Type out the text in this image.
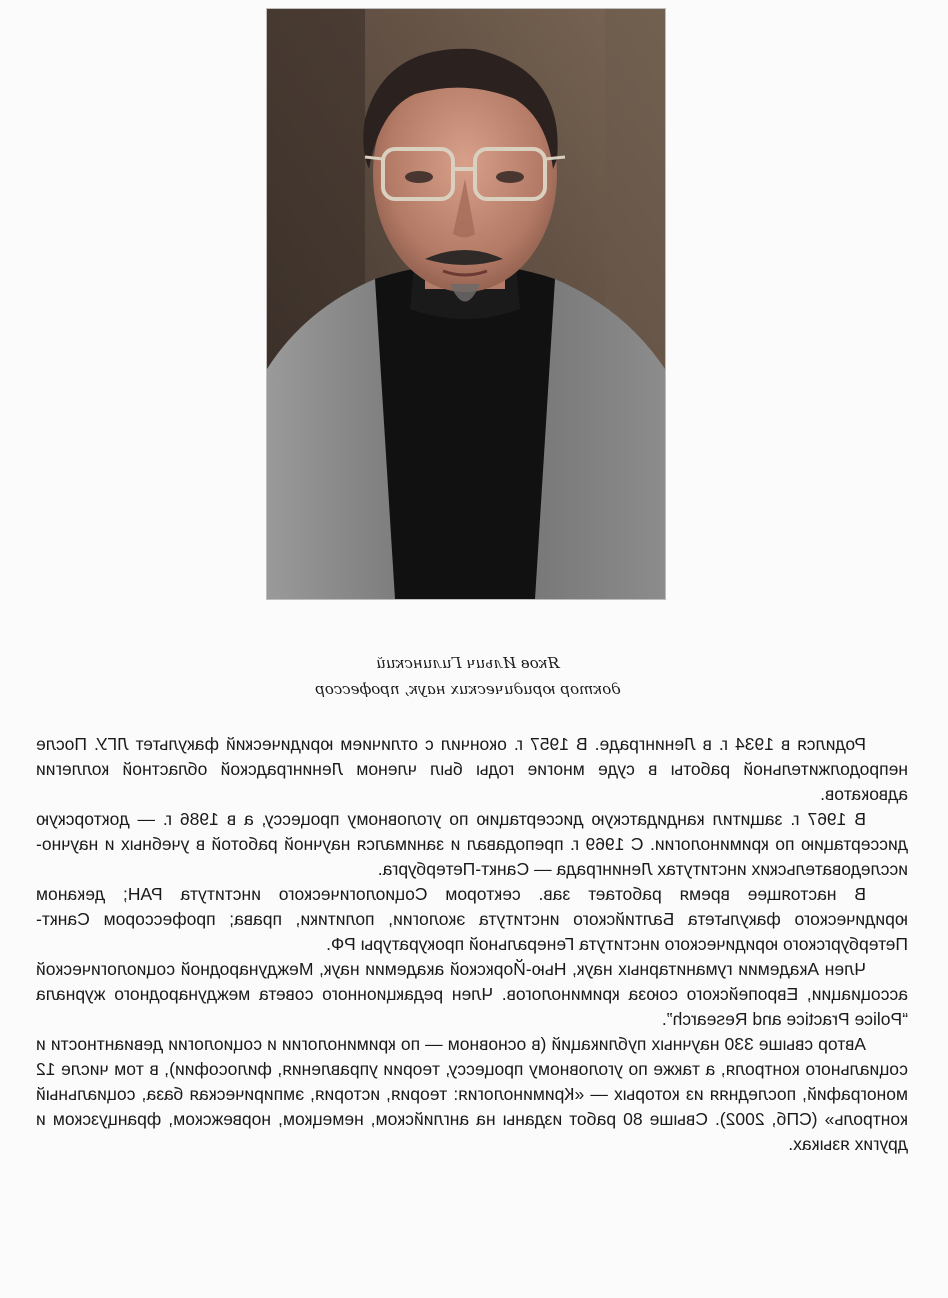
Яков Ильич Гилинский
доктор юридических наук, профессор

Родился в 1934 г. в Ленинграде. В 1957 г. окончил с отличием юридический факультет ЛГУ. После непродолжительной работы в суде многие годы был членом Ленинградской областной коллегии адвокатов.

В 1967 г. защитил кандидатскую диссертацию по уголовному процессу, а в 1986 г. — докторскую диссертацию по криминологии. С 1969 г. преподавал и занимался научной работой в учебных и научно-исследовательских институтах Ленинграда — Санкт-Петербурга.

В настоящее время работает зав. сектором Социологического института РАН; деканом юридического факультета Балтийского института экологии, политики, права; профессором Санкт-Петербургского юридического института Генеральной прокуратуры РФ.

Член Академии гуманитарных наук, Нью-Йоркской академии наук, Международной социологической ассоциации, Европейского союза криминологов. Член редакционного совета международного журнала “Police Practice and Research”.

Автор свыше 330 научных публикаций (в основном — по криминологии и социологии девиантности и социального контроля, а также по уголовному процессу, теории управления, философии), в том числе 12 монографий, последняя из которых — «Криминология: теория, история, эмпирическая база, социальный контроль» (СПб, 2002). Свыше 80 работ изданы на английском, немецком, норвежском, французском и других языках.
